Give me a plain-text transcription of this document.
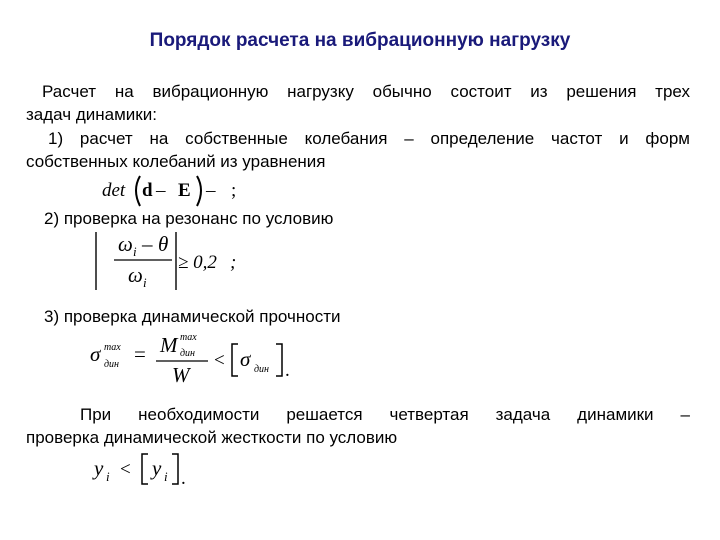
Порядок расчета на вибрационную нагрузку
Расчет на вибрационную нагрузку обычно состоит из решения трех
задач динамики:
1) расчет на собственные колебания – определение частот и форм
собственных колебаний из уравнения
det d – E – ;
2) проверка на резонанс по условию
ω i – θ
ω i
≥ 0,2 ;
3) проверка динамической прочности
σ max
дин = M max
дин
W
< σ дин .
При необходимости решается четвертая задача динамики –
проверка динамической жесткости по условию
y i < y i .
